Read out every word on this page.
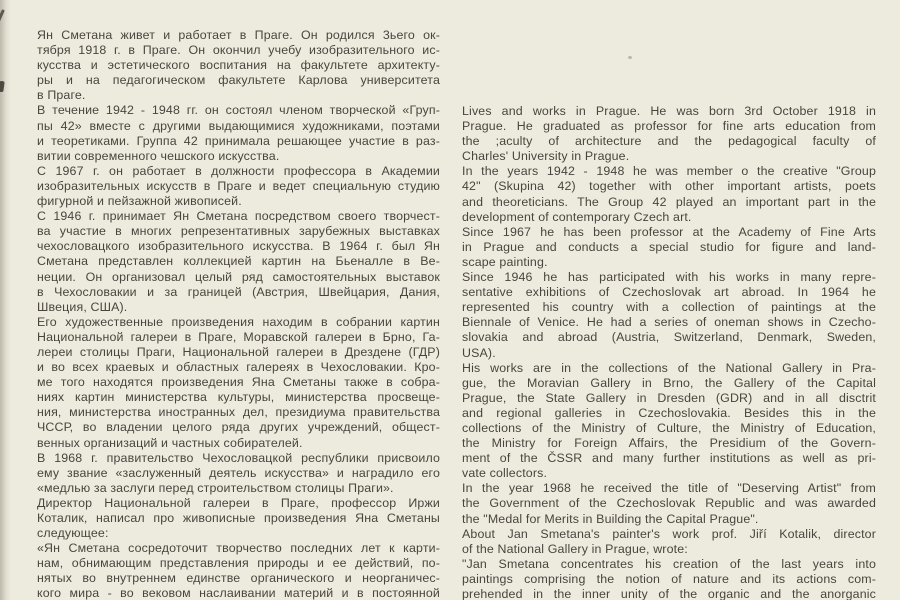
Ян Сметана живет и работает в Праге. Он родился 3ьего ок-
тября 1918 г. в Праге. Он окончил учебу изобразительного ис-
кусства и эстетического воспитания на факультете архитекту-
ры и на педагогическом факультете Карлова университета
в Праге.
В течение 1942 - 1948 гг. он состоял членом творческой «Груп-
пы 42» вместе с другими выдающимися художниками, поэтами
и теоретиками. Группа 42 принимала решающее участие в раз-
витии современного чешского искусства.
С 1967 г. он работает в должности профессора в Академии
изобразительных искусств в Праге и ведет специальную студию
фигурной и пейзажной живописей.
С 1946 г. принимает Ян Сметана посредством своего творчест-
ва участие в многих репрезентативных зарубежных выставках
чехословацкого изобразительного искусства. В 1964 г. был Ян
Сметана представлен коллекцией картин на Бьеналле в Ве-
неции. Он организовал целый ряд самостоятельных выставок
в Чехословакии и за границей (Австрия, Швейцария, Дания,
Швеция, США).
Его художественные произведения находим в собрании картин
Национальной галереи в Праге, Моравской галереи в Брно, Га-
лереи столицы Праги, Национальной галереи в Дрездене (ГДР)
и во всех краевых и областных галереях в Чехословакии. Кро-
ме того находятся произведения Яна Сметаны также в собра-
ниях картин министерства культуры, министерства просвеще-
ния, министерства иностранных дел, президиума правительства
ЧССР, во владении целого ряда других учреждений, общест-
венных организаций и частных собирателей.
В 1968 г. правительство Чехословацкой республики присвоило
ему звание «заслуженный деятель искусства» и наградило его
«медлью за заслуги перед строительством столицы Праги».
Директор Национальной галереи в Праге, профессор Иржи
Коталик, написал про живописные произведения Яна Сметаны
следующее:
«Ян Сметана сосредоточит творчество последних лет к карти-
нам, обнимающим представления природы и ее действий, по-
нятых во внутреннем единстве органического и неорганичес-
кого мира - во вековом наслаивании материй и в постоянной
Lives and works in Prague. He was born 3rd October 1918 in
Prague. He graduated as professor for fine arts education from
the ;aculty of architecture and the pedagogical faculty of
Charles' University in Prague.
In the years 1942 - 1948 he was member o the creative "Group
42" (Skupina 42) together with other important artists, poets
and theoreticians. The Group 42 played an important part in the
development of contemporary Czech art.
Since 1967 he has been professor at the Academy of Fine Arts
in Prague and conducts a special studio for figure and land-
scape painting.
Since 1946 he has participated with his works in many repre-
sentative exhibitions of Czechoslovak art abroad. In 1964 he
represented his country with a collection of paintings at the
Biennale of Venice. He had a series of oneman shows in Czecho-
slovakia and abroad (Austria, Switzerland, Denmark, Sweden,
USA).
His works are in the collections of the National Gallery in Pra-
gue, the Moravian Gallery in Brno, the Gallery of the Capital
Prague, the State Gallery in Dresden (GDR) and in all disctrit
and regional galleries in Czechoslovakia. Besides this in the
collections of the Ministry of Culture, the Ministry of Education,
the Ministry for Foreign Affairs, the Presidium of the Govern-
ment of the ČSSR and many further institutions as well as pri-
vate collectors.
In the year 1968 he received the title of "Deserving Artist" from
the Government of the Czechoslovak Republic and was awarded
the "Medal for Merits in Building the Capital Prague".
About Jan Smetana's painter's work prof. Jiří Kotalik, director
of the National Gallery in Prague, wrote:
"Jan Smetana concentrates his creation of the last years into
paintings comprising the notion of nature and its actions com-
prehended in the inner unity of the organic and the anorganic
